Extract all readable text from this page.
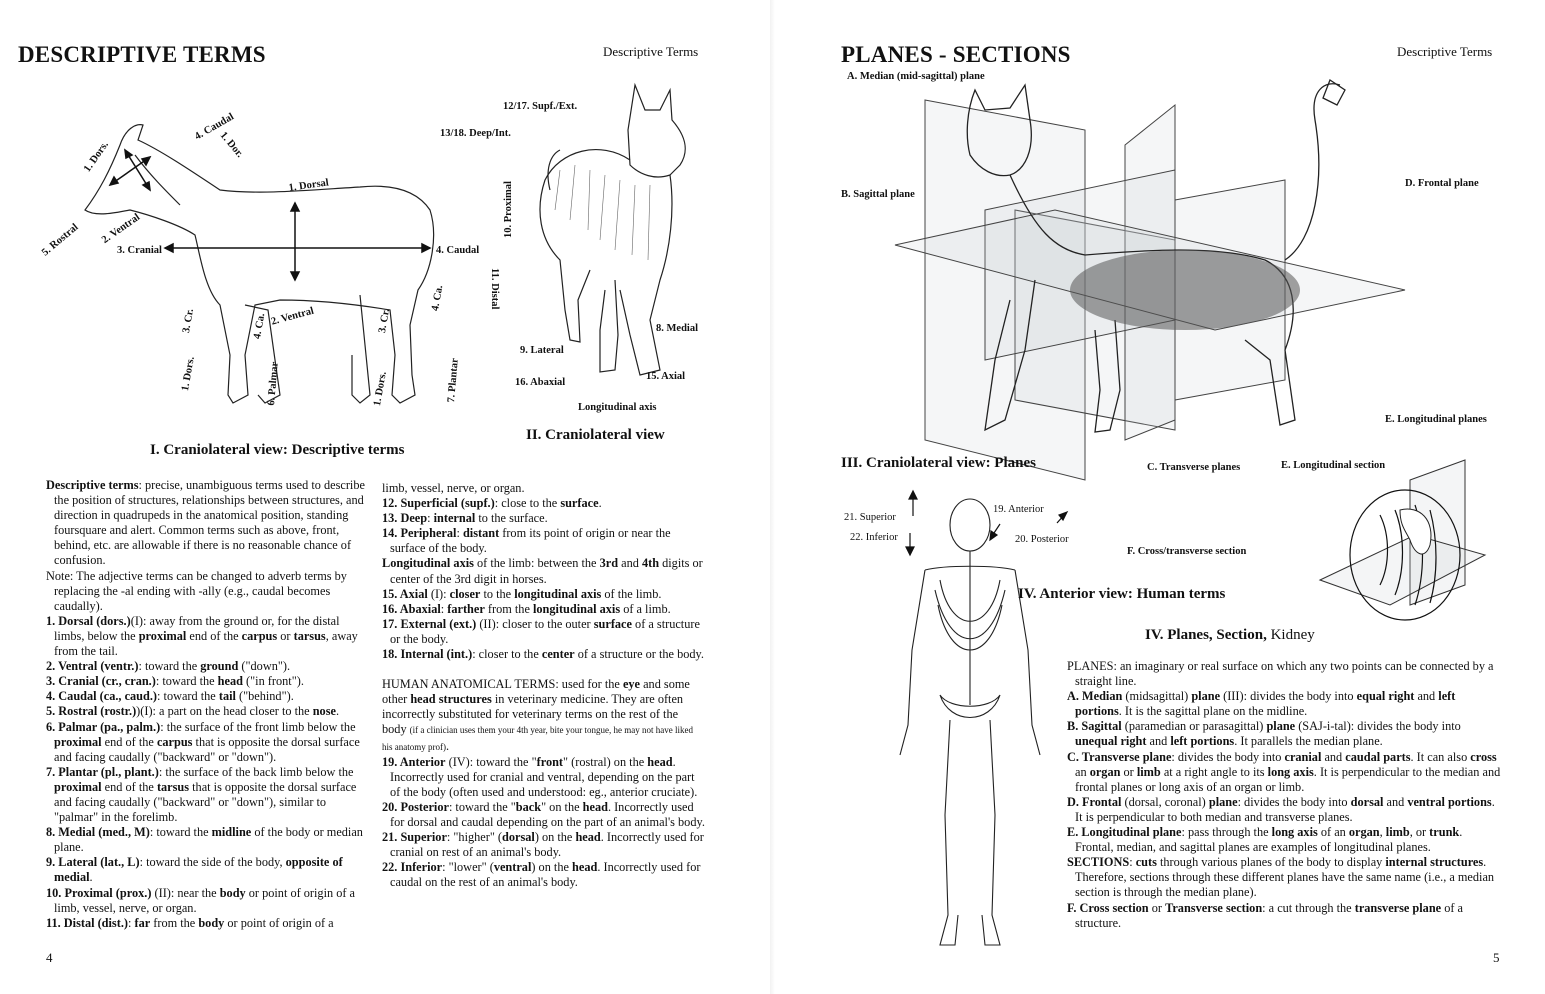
DESCRIPTIVE TERMS	Descriptive Terms
1. Dors.
4. Caudal
1. Dor.
1. Dorsal
5. Rostral 2. Ventral
3. Cranial	4. Caudal
3. Cr.	4. Ca. 2. Ventral	3. Cr.
4. Ca.
1. Dors.	6. Palmar	1. Dors.	7. Plantar
I. Craniolateral view: Descriptive terms
12/17. Supf./Ext.
13/18. Deep/Int.
10. Proximal
11. Distal
8. Medial
9. Lateral
15. Axial
16. Abaxial
Longitudinal axis
II. Craniolateral view

Descriptive terms: precise, unambiguous terms used to describe the position of structures, relationships between structures, and direction in quadrupeds in the anatomical position, standing foursquare and alert. Common terms such as above, front, behind, etc. are allowable if there is no reasonable chance of confusion.

Note: The adjective terms can be changed to adverb terms by replacing the -al ending with -ally (e.g., caudal becomes caudally).

1. Dorsal (dors.)(I): away from the ground or, for the distal limbs, below the proximal end of the carpus or tarsus, away from the tail.

2. Ventral (ventr.): toward the ground ("down").

3. Cranial (cr., cran.): toward the head ("in front").

4. Caudal (ca., caud.): toward the tail ("behind").

5. Rostral (rostr.))(I): a part on the head closer to the nose.

6. Palmar (pa., palm.): the surface of the front limb below the proximal end of the carpus that is opposite the dorsal surface and facing caudally ("backward" or "down").

7. Plantar (pl., plant.): the surface of the back limb below the proximal end of the tarsus that is opposite the dorsal surface and facing caudally ("backward" or "down"), similar to "palmar" in the forelimb.

8. Medial (med., M): toward the midline of the body or median plane.

9. Lateral (lat., L): toward the side of the body, opposite of medial.

10. Proximal (prox.) (II): near the body or point of origin of a limb, vessel, nerve, or organ.

11. Distal (dist.): far from the body or point of origin of a

limb, vessel, nerve, or organ.

12. Superficial (supf.): close to the surface.

13. Deep: internal to the surface.

14. Peripheral: distant from its point of origin or near the surface of the body.

Longitudinal axis of the limb: between the 3rd and 4th digits or center of the 3rd digit in horses.

15. Axial (I): closer to the longitudinal axis of the limb.

16. Abaxial: farther from the longitudinal axis of a limb.

17. External (ext.) (II): closer to the outer surface of a structure or the body.

18. Internal (int.): closer to the center of a structure or the body.

HUMAN ANATOMICAL TERMS: used for the eye and some other head structures in veterinary medicine. They are often incorrectly substituted for veterinary terms on the rest of the body (if a clinician uses them your 4th year, bite your tongue, he may not have liked his anatomy prof).

19. Anterior (IV): toward the "front" (rostral) on the head. Incorrectly used for cranial and ventral, depending on the part of the body (often used and understood: eg., anterior cruciate).

20. Posterior: toward the "back" on the head. Incorrectly used for dorsal and caudal depending on the part of an animal's body.

21. Superior: "higher" (dorsal) on the head. Incorrectly used for cranial on rest of an animal's body.

22. Inferior: "lower" (ventral) on the head. Incorrectly used for caudal on the rest of an animal's body.

4
PLANES - SECTIONS	Descriptive Terms
A. Median (mid-sagittal) plane
B. Sagittal plane
D. Frontal plane
E. Longitudinal planes
C. Transverse planes	E. Longitudinal section
F. Cross/transverse section
III. Craniolateral view: Planes
21. Superior
22. Inferior
19. Anterior
20. Posterior
IV. Anterior view: Human terms
IV. Planes, Section, Kidney

PLANES: an imaginary or real surface on which any two points can be connected by a straight line.

A. Median (midsagittal) plane (III): divides the body into equal right and left portions. It is the sagittal plane on the midline.

B. Sagittal (paramedian or parasagittal) plane (SAJ-i-tal): divides the body into unequal right and left portions. It parallels the median plane.

C. Transverse plane: divides the body into cranial and caudal parts. It can also cross an organ or limb at a right angle to its long axis. It is perpendicular to the median and frontal planes or long axis of an organ or limb.

D. Frontal (dorsal, coronal) plane: divides the body into dorsal and ventral portions. It is perpendicular to both median and transverse planes.

E. Longitudinal plane: pass through the long axis of an organ, limb, or trunk. Frontal, median, and sagittal planes are examples of longitudinal planes.

SECTIONS: cuts through various planes of the body to display internal structures. Therefore, sections through these different planes have the same name (i.e., a median section is through the median plane).

F. Cross section or Transverse section: a cut through the transverse plane of a structure.

5
